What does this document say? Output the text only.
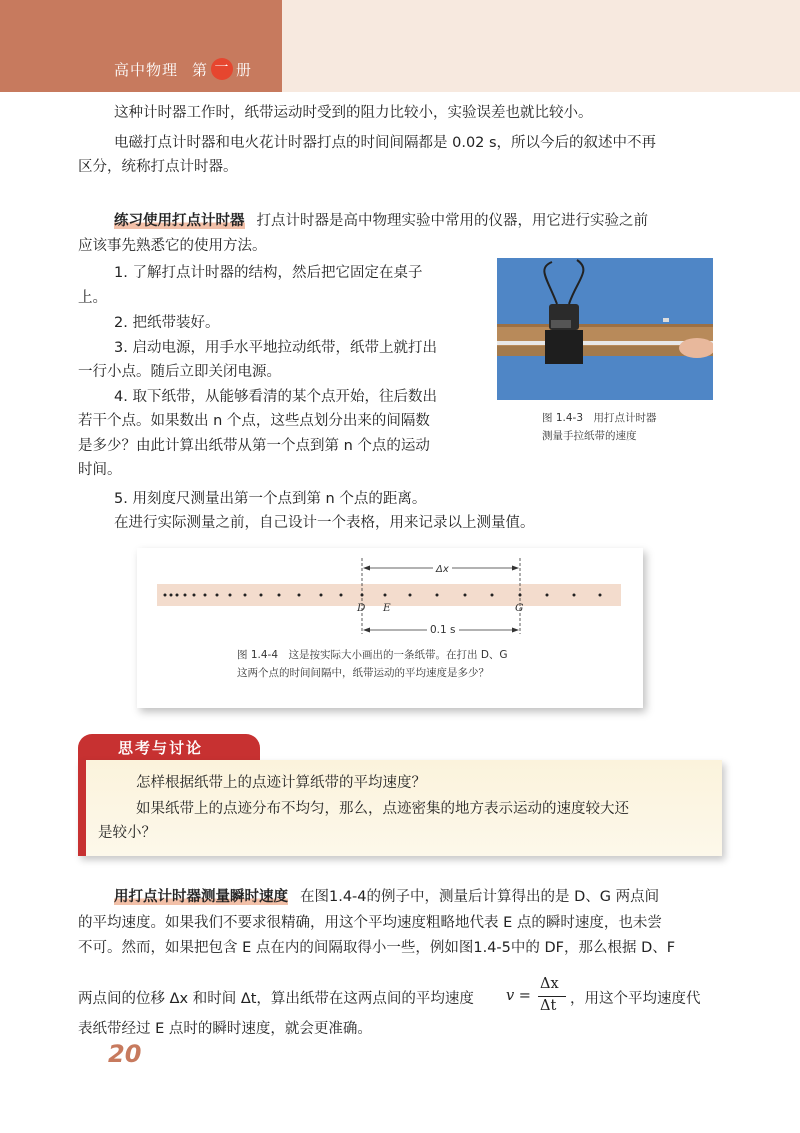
高中物理 第 一 册
这种计时器工作时，纸带运动时受到的阻力比较小，实验误差也就比较小。
电磁打点计时器和电火花计时器打点的时间间隔都是 0.02 s，所以今后的叙述中不再
区分，统称打点计时器。
练习使用打点计时器 打点计时器是高中物理实验中常用的仪器，用它进行实验之前
应该事先熟悉它的使用方法。
1. 了解打点计时器的结构，然后把它固定在桌子
上。
2. 把纸带装好。
3. 启动电源，用手水平地拉动纸带，纸带上就打出
一行小点。随后立即关闭电源。
4. 取下纸带，从能够看清的某个点开始，往后数出
若干个点。如果数出 n 个点，这些点划分出来的间隔数
是多少？由此计算出纸带从第一个点到第 n 个点的运动
时间。
5. 用刻度尺测量出第一个点到第 n 个点的距离。
在进行实际测量之前，自己设计一个表格，用来记录以上测量值。
图 1.4-3　用打点计时器
测量手拉纸带的速度
Δx
D E	G
0.1 s
图 1.4-4　这是按实际大小画出的一条纸带。在打出 D、G
这两个点的时间间隔中，纸带运动的平均速度是多少？
思考与讨论
怎样根据纸带上的点迹计算纸带的平均速度？
如果纸带上的点迹分布不均匀，那么，点迹密集的地方表示运动的速度较大还
是较小？
用打点计时器测量瞬时速度 在图1.4-4的例子中，测量后计算得出的是 D、G 两点间
的平均速度。如果我们不要求很精确，用这个平均速度粗略地代表 E 点的瞬时速度，也未尝
不可。然而，如果把包含 E 点在内的间隔取得小一些，例如图1.4-5中的 DF，那么根据 D、F
两点间的位移 Δx 和时间 Δt，算出纸带在这两点间的平均速度 v =
Δx
Δt ，用这个平均速度代
表纸带经过 E 点时的瞬时速度，就会更准确。
20
